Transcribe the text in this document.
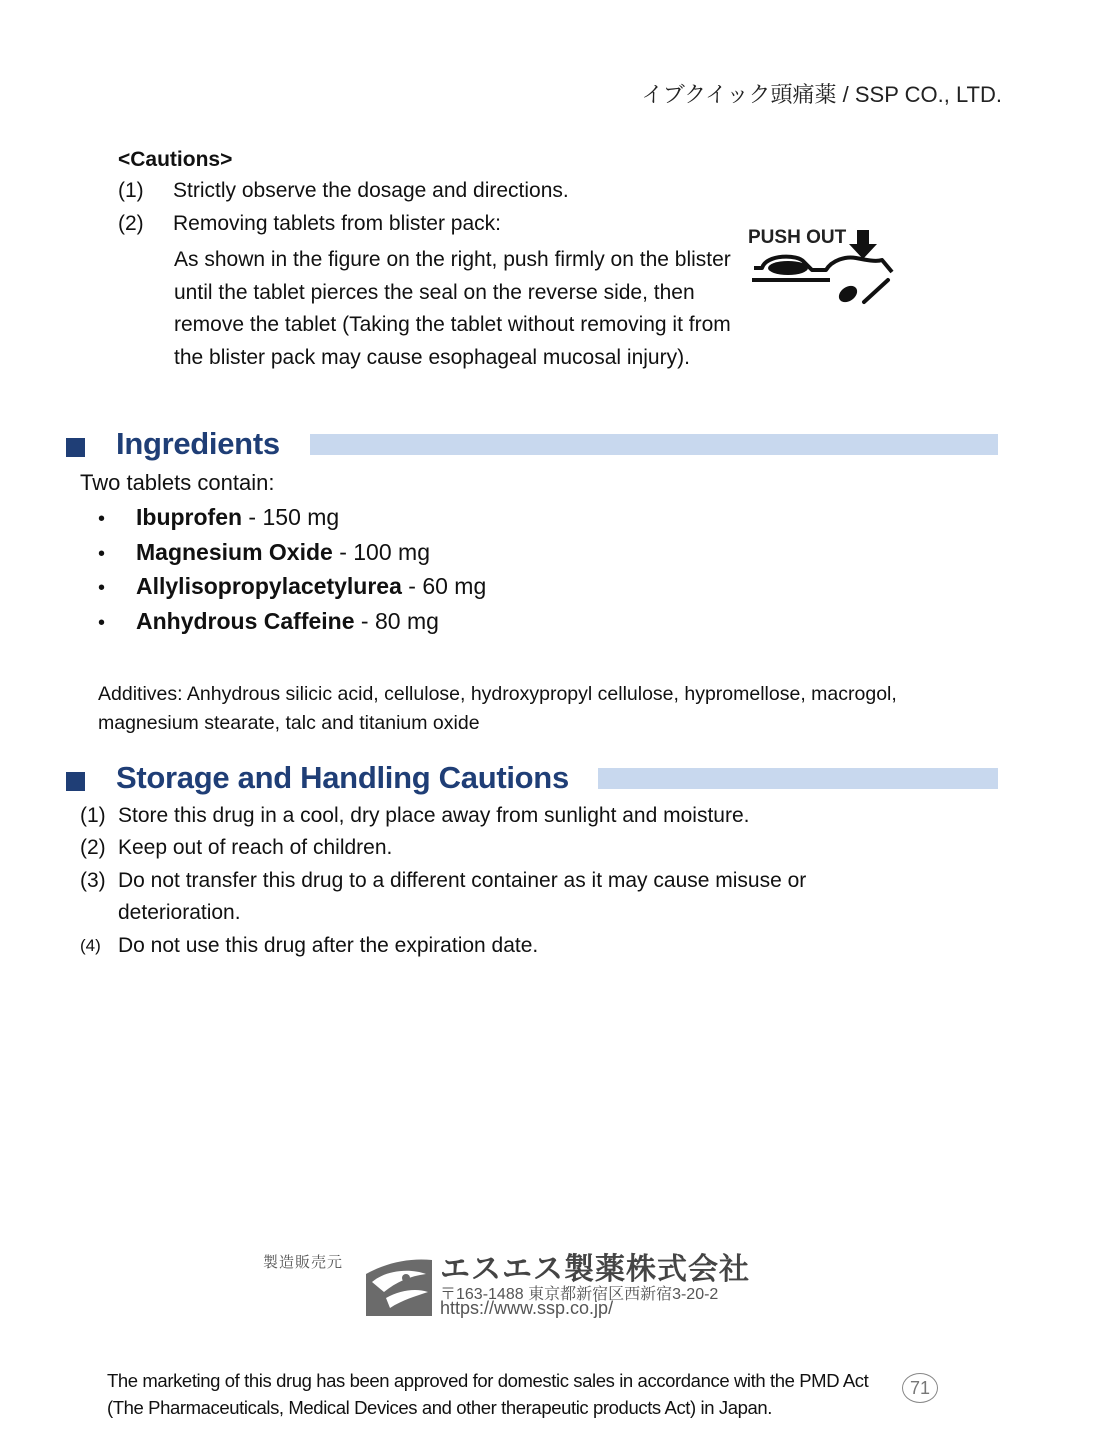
イブクイック頭痛薬 / SSP CO., LTD.
<Cautions>
(1) Strictly observe the dosage and directions.
(2) Removing tablets from blister pack:
As shown in the figure on the right, push firmly on the blister until the tablet pierces the seal on the reverse side, then remove the tablet (Taking the tablet without removing it from the blister pack may cause esophageal mucosal injury).
PUSH OUT
Ingredients
Two tablets contain:
• Ibuprofen - 150 mg
• Magnesium Oxide - 100 mg
• Allylisopropylacetylurea - 60 mg
• Anhydrous Caffeine - 80 mg
Additives: Anhydrous silicic acid, cellulose, hydroxypropyl cellulose, hypromellose, macrogol, magnesium stearate, talc and titanium oxide
Storage and Handling Cautions
(1) Store this drug in a cool, dry place away from sunlight and moisture.
(2) Keep out of reach of children.
(3) Do not transfer this drug to a different container as it may cause misuse or deterioration.
(4) Do not use this drug after the expiration date.
製造販売元	エスエス製薬株式会社
〒163-1488 東京都新宿区西新宿3-20-2
https://www.ssp.co.jp/
The marketing of this drug has been approved for domestic sales in accordance with the PMD Act (The Pharmaceuticals, Medical Devices and other therapeutic products Act) in Japan.
71
